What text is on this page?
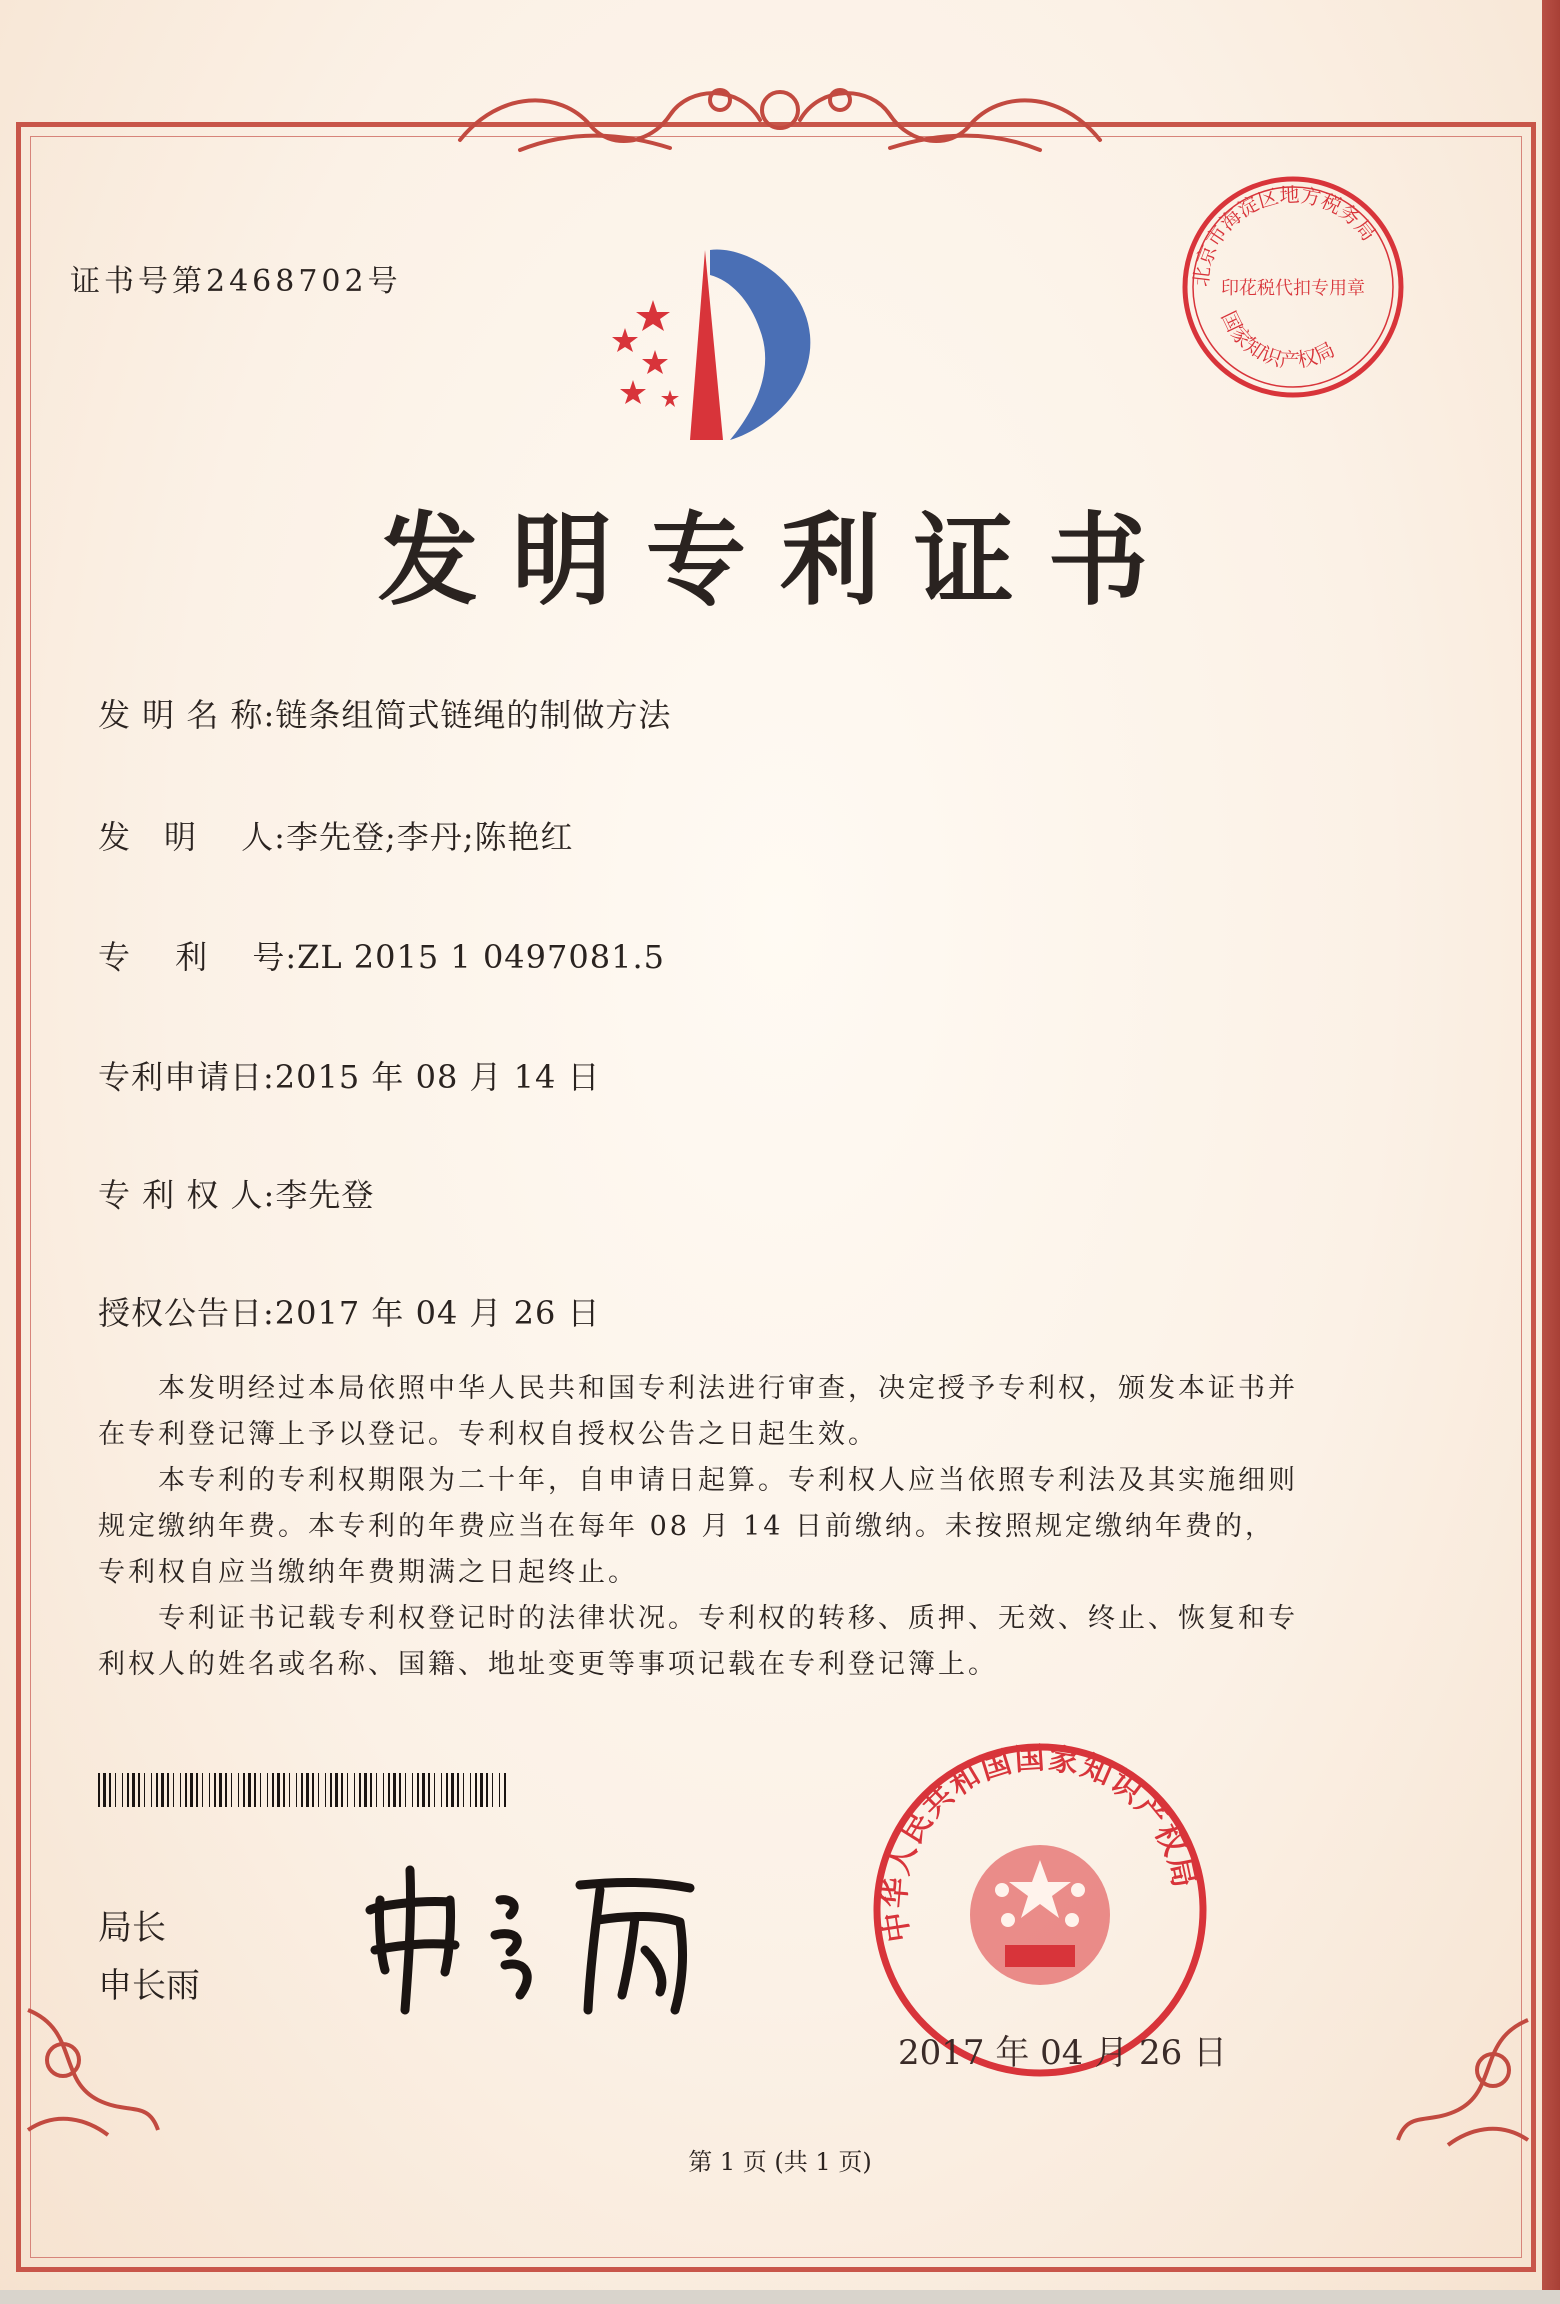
证书号第2468702号	北京市海淀区地方税务局
国家知识产权局
印花税代扣专用章
发明专利证书
发 明 名 称:链条组简式链绳的制做方法
发　明　 人:李先登;李丹;陈艳红
专　 利　 号:ZL 2015 1 0497081.5
专利申请日:2015 年 08 月 14 日
专 利 权 人:李先登
授权公告日:2017 年 04 月 26 日

本发明经过本局依照中华人民共和国专利法进行审查，决定授予专利权，颁发本证书并在专利登记簿上予以登记。专利权自授权公告之日起生效。

本专利的专利权期限为二十年，自申请日起算。专利权人应当依照专利法及其实施细则规定缴纳年费。本专利的年费应当在每年 08 月 14 日前缴纳。未按照规定缴纳年费的，专利权自应当缴纳年费期满之日起终止。

专利证书记载专利权登记时的法律状况。专利权的转移、质押、无效、终止、恢复和专利权人的姓名或名称、国籍、地址变更等事项记载在专利登记簿上。

局长
申长雨
中华人民共和国国家知识产权局
2017 年 04 月 26 日
第 1 页 (共 1 页)
